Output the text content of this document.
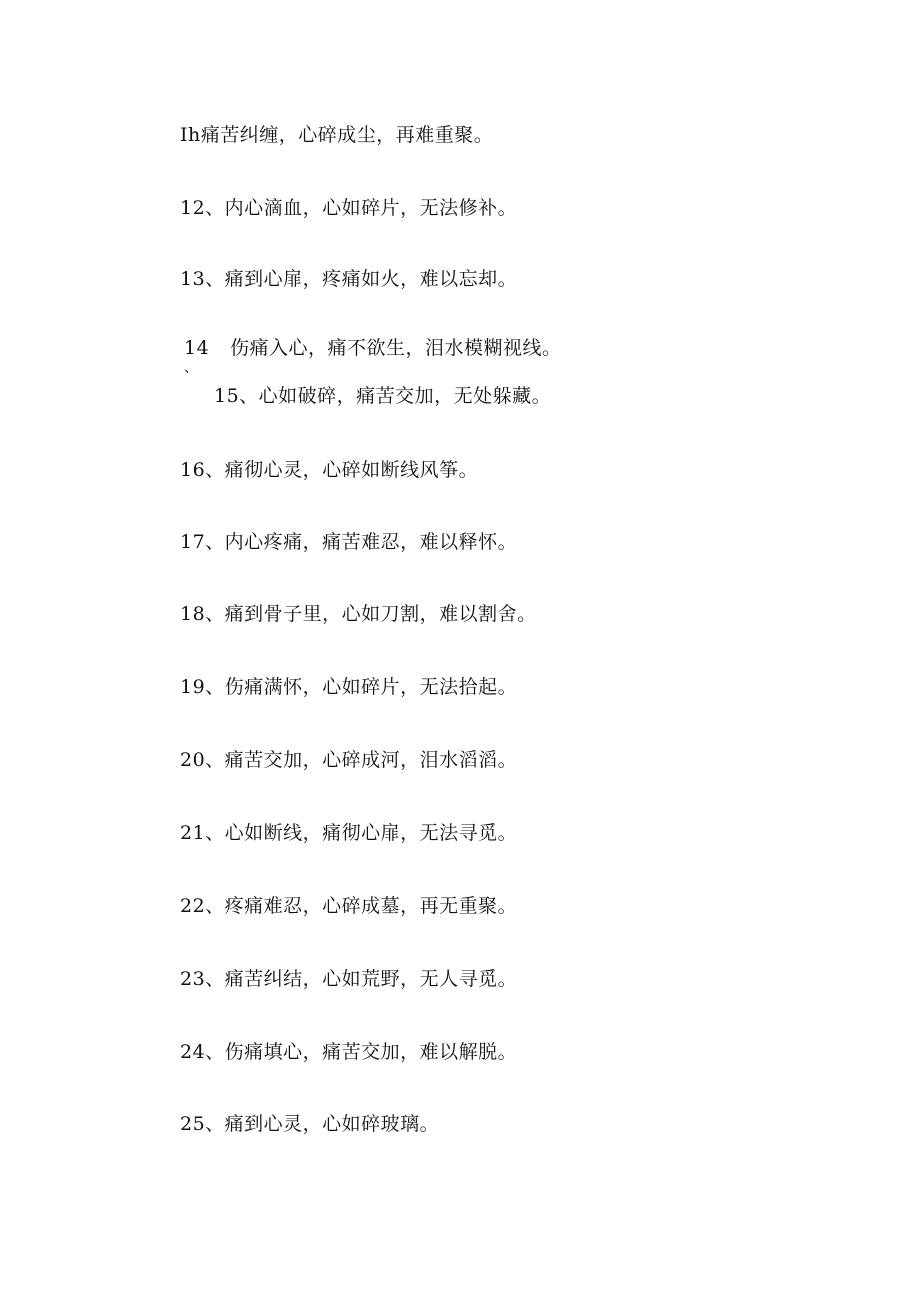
Ih痛苦纠缠，心碎成尘，再难重聚。
12、内心滴血，心如碎片，无法修补。
13、痛到心扉，疼痛如火，难以忘却。
14
、
伤痛入心，痛不欲生，泪水模糊视线。
15、心如破碎，痛苦交加，无处躲藏。
16、痛彻心灵，心碎如断线风筝。
17、内心疼痛，痛苦难忍，难以释怀。
18、痛到骨子里，心如刀割，难以割舍。
19、伤痛满怀，心如碎片，无法拾起。
20、痛苦交加，心碎成河，泪水滔滔。
21、心如断线，痛彻心扉，无法寻觅。
22、疼痛难忍，心碎成墓，再无重聚。
23、痛苦纠结，心如荒野，无人寻觅。
24、伤痛填心，痛苦交加，难以解脱。
25、痛到心灵，心如碎玻璃。
